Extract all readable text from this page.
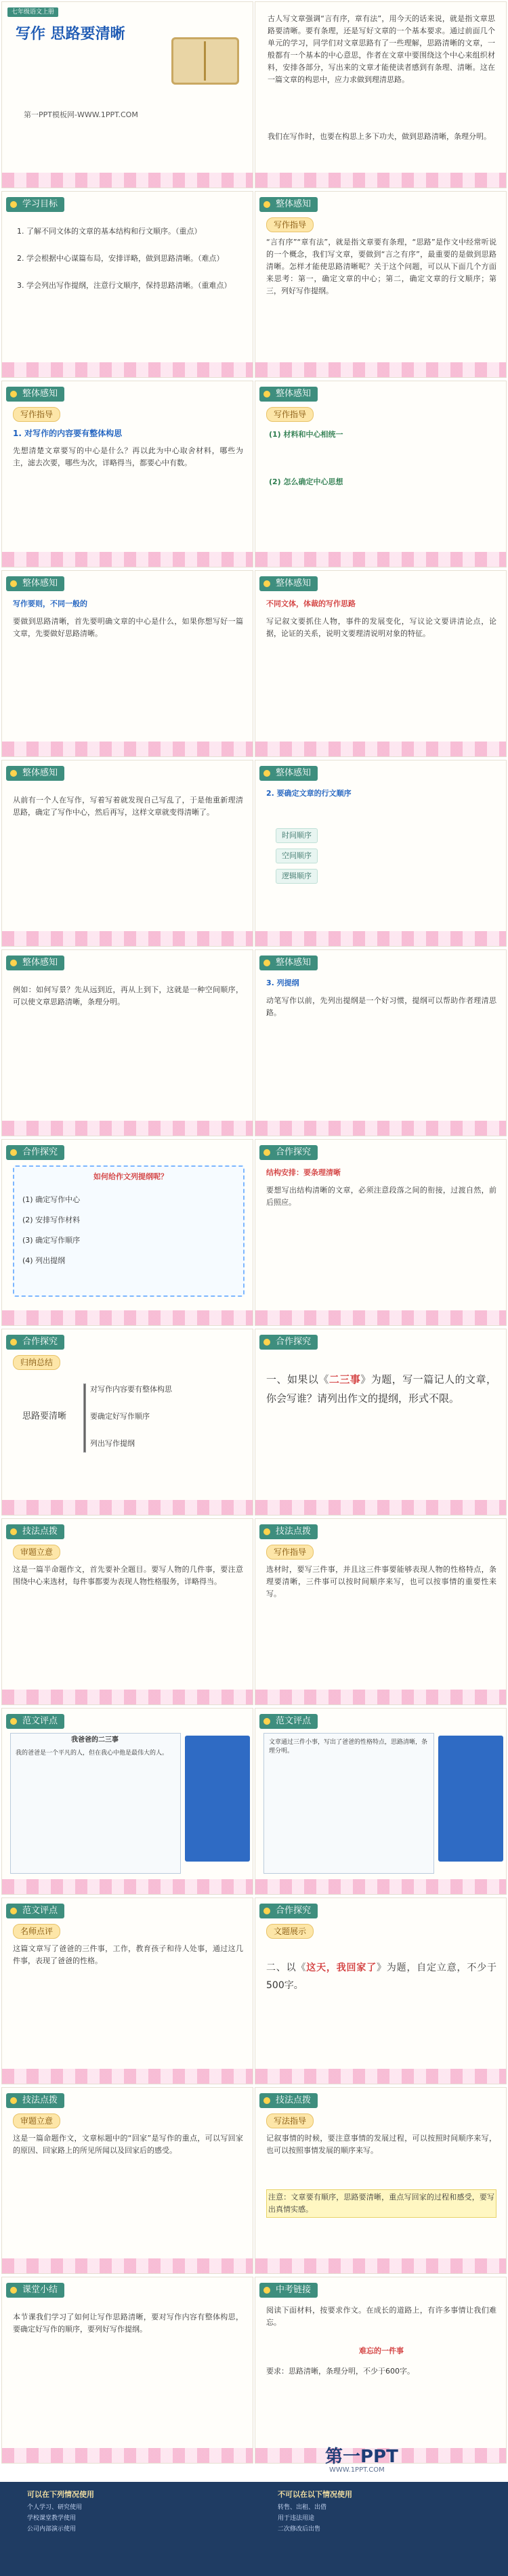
七年级语文上册
写作 思路要清晰
第一PPT模板网-WWW.1PPT.COM
古人写文章强调“言有序，章有法”，用今天的话来说，就是指文章思路要清晰。要有条理，还是写好文章的一个基本要求。通过前面几个单元的学习，同学们对文章思路有了一些理解，思路清晰的文章，一般都有一个基本的中心意思，作者在文章中要围绕这个中心来组织材料，安排各部分，写出来的文章才能使读者感到有条理、清晰。这在一篇文章的构思中，应力求做到理清思路。
我们在写作时，也要在构思上多下功夫，做到思路清晰，条理分明。
学习目标
1. 了解不同文体的文章的基本结构和行文顺序。（重点）
2. 学会根据中心谋篇布局，安排详略，做到思路清晰。（难点）
3. 学会列出写作提纲，注意行文顺序，保持思路清晰。（重难点）
整体感知
写作指导
“言有序”“章有法”，就是指文章要有条理，“思路”是作文中经常听说的一个概念，我们写文章，要做到“言之有序”，最重要的是做到思路清晰。怎样才能使思路清晰呢？关于这个问题，可以从下面几个方面来思考：第一，确定文章的中心；第二，确定文章的行文顺序；第三，列好写作提纲。
整体感知
写作指导
1. 对写作的内容要有整体构思
先想清楚文章要写的中心是什么？再以此为中心取舍材料，哪些为主，滤去次要，哪些为次，详略得当，都要心中有数。
整体感知
写作指导
(1) 材料和中心相统一
(2) 怎么确定中心思想
整体感知
写作要则，不同一般的
要做到思路清晰，首先要明确文章的中心是什么，如果你想写好一篇文章，先要做好思路清晰。
整体感知
不同文体，体裁的写作思路
写记叙文要抓住人物，事件的发展变化，写议论文要讲清论点，论据，论证的关系，说明文要理清说明对象的特征。
整体感知
从前有一个人在写作，写着写着就发现自己写乱了，于是他重新理清思路，确定了写作中心，然后再写，这样文章就变得清晰了。
整体感知
2. 要确定文章的行文顺序
时间顺序
空间顺序
逻辑顺序
整体感知
例如：如何写景？先从远到近，再从上到下，这就是一种空间顺序，可以使文章思路清晰，条理分明。
整体感知
3. 列提纲
动笔写作以前，先列出提纲是一个好习惯，提纲可以帮助作者理清思路。
合作探究
如何给作文列提纲呢？
(1) 确定写作中心
(2) 安排写作材料
(3) 确定写作顺序
(4) 列出提纲
合作探究
结构安排：要条理清晰
要想写出结构清晰的文章，必须注意段落之间的衔接，过渡自然，前后照应。
合作探究
归纳总结
思路要清晰
对写作内容要有整体构思
要确定好写作顺序
列出写作提纲
合作探究
一、如果以《二三事》为题，写一篇记人的文章，你会写谁？请列出作文的提纲，形式不限。
技法点拨
审题立意
这是一篇半命题作文，首先要补全题目。要写人物的几件事，要注意围绕中心来选材，每件事都要为表现人物性格服务，详略得当。
技法点拨
写作指导
选材时，要写三件事，并且这三件事要能够表现人物的性格特点，条理要清晰，三件事可以按时间顺序来写，也可以按事情的重要性来写。
范文评点
我爸爸的二三事
我的爸爸是一个平凡的人，但在我心中他是最伟大的人。
范文评点
文章通过三件小事，写出了爸爸的性格特点，思路清晰，条理分明。
范文评点
名师点评
这篇文章写了爸爸的三件事，工作，教育孩子和待人处事，通过这几件事，表现了爸爸的性格。
合作探究
文题展示
二、以《这天，我回家了》为题，自定立意，不少于500字。
技法点拨
审题立意
这是一篇命题作文，文章标题中的“回家”是写作的重点，可以写回家的原因、回家路上的所见所闻以及回家后的感受。
技法点拨
写法指导
记叙事情的时候，要注意事情的发展过程，可以按照时间顺序来写，也可以按照事情发展的顺序来写。
注意：文章要有顺序，思路要清晰，重点写回家的过程和感受，要写出真情实感。
课堂小结
本节课我们学习了如何让写作思路清晰，要对写作内容有整体构思，要确定好写作的顺序，要列好写作提纲。
中考链接
阅读下面材料，按要求作文。在成长的道路上，有许多事情让我们难忘。
难忘的一件事
要求：思路清晰，条理分明，不少于600字。
第一PPT
WWW.1PPT.COM
可以在下列情况使用	不可以在以下情况使用
个人学习、研究使用
学校课堂教学使用
公司内部演示使用
转售、出租、出借
用于违法用途
二次修改后出售
